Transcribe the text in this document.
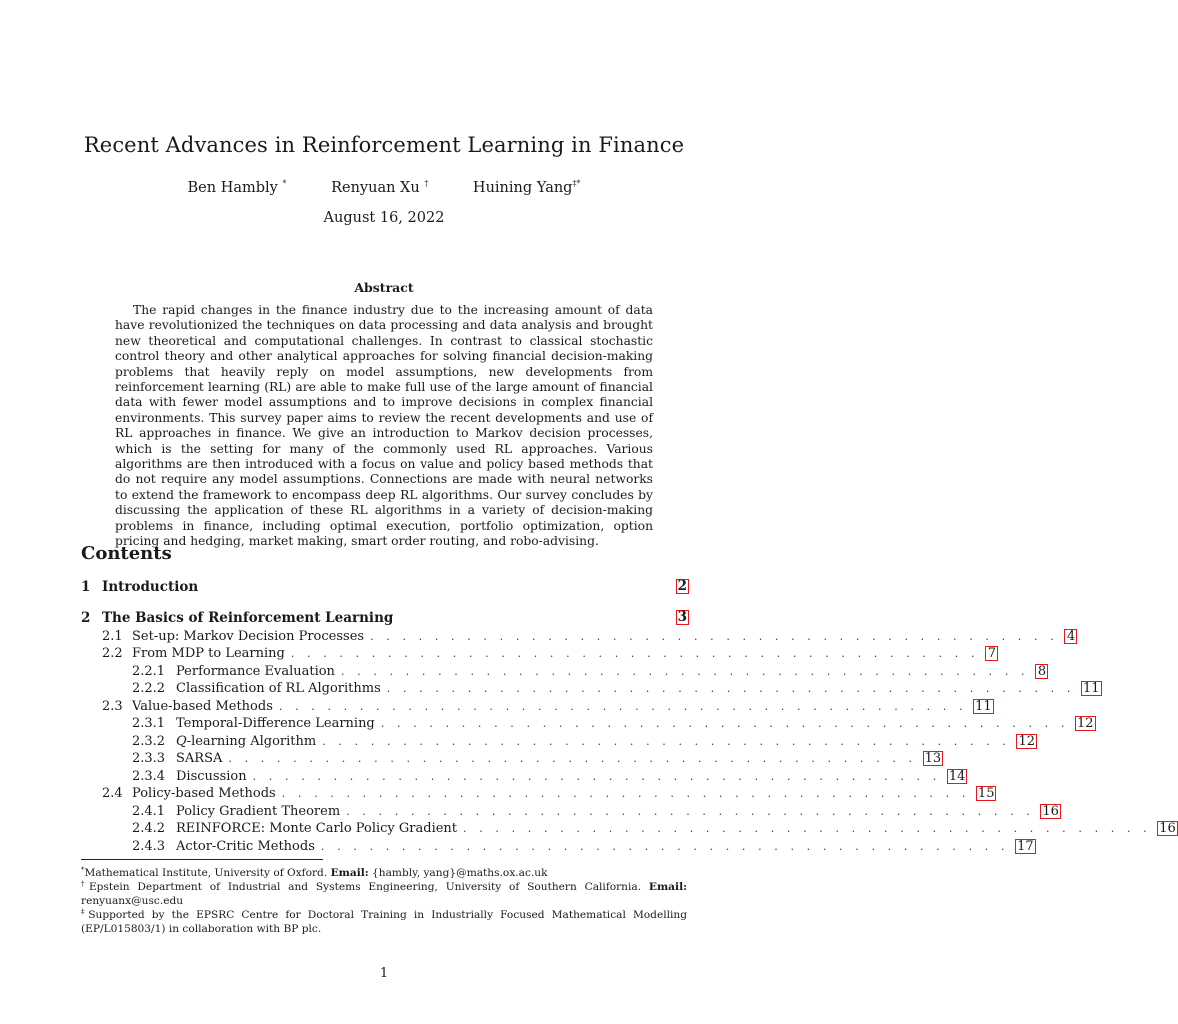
Recent Advances in Reinforcement Learning in Finance
Ben Hambly *	Renyuan Xu †	Huining Yang‡*
August 16, 2022
Abstract
The rapid changes in the finance industry due to the increasing amount of data have revolutionized the techniques on data processing and data analysis and brought new theoretical and computational challenges. In contrast to classical stochastic control theory and other analytical approaches for solving financial decision-making problems that heavily reply on model assumptions, new developments from reinforcement learning (RL) are able to make full use of the large amount of financial data with fewer model assumptions and to improve decisions in complex financial environments. This survey paper aims to review the recent developments and use of RL approaches in finance. We give an introduction to Markov decision processes, which is the setting for many of the commonly used RL approaches. Various algorithms are then introduced with a focus on value and policy based methods that do not require any model assumptions. Connections are made with neural networks to extend the framework to encompass deep RL algorithms. Our survey concludes by discussing the application of these RL algorithms in a variety of decision-making problems in finance, including optimal execution, portfolio optimization, option pricing and hedging, market making, smart order routing, and robo-advising.
Contents
1 Introduction	2
2 The Basics of Reinforcement Learning	3
2.1 Set-up: Markov Decision Processes . . . . . . . . . . . . . . . . . . . . . . . . . . . . . . . . . . . . . . . . . . . 4
2.2 From MDP to Learning . . . . . . . . . . . . . . . . . . . . . . . . . . . . . . . . . . . . . . . . . . . 7
2.2.1 Performance Evaluation . . . . . . . . . . . . . . . . . . . . . . . . . . . . . . . . . . . . . . . . . . . 8
2.2.2 Classification of RL Algorithms . . . . . . . . . . . . . . . . . . . . . . . . . . . . . . . . . . . . . . . . . . . 11
2.3 Value-based Methods . . . . . . . . . . . . . . . . . . . . . . . . . . . . . . . . . . . . . . . . . . . 11
2.3.1 Temporal-Difference Learning . . . . . . . . . . . . . . . . . . . . . . . . . . . . . . . . . . . . . . . . . . . 12
2.3.2 Q-learning Algorithm . . . . . . . . . . . . . . . . . . . . . . . . . . . . . . . . . . . . . . . . . . . 12
2.3.3 SARSA . . . . . . . . . . . . . . . . . . . . . . . . . . . . . . . . . . . . . . . . . . . 13
2.3.4 Discussion . . . . . . . . . . . . . . . . . . . . . . . . . . . . . . . . . . . . . . . . . . . 14
2.4 Policy-based Methods . . . . . . . . . . . . . . . . . . . . . . . . . . . . . . . . . . . . . . . . . . . 15
2.4.1 Policy Gradient Theorem . . . . . . . . . . . . . . . . . . . . . . . . . . . . . . . . . . . . . . . . . . . 16
2.4.2 REINFORCE: Monte Carlo Policy Gradient . . . . . . . . . . . . . . . . . . . . . . . . . . . . . . . . . . . . . . . . . . . 16
2.4.3 Actor-Critic Methods . . . . . . . . . . . . . . . . . . . . . . . . . . . . . . . . . . . . . . . . . . . 17
*Mathematical Institute, University of Oxford. Email: {hambly, yang}@maths.ox.ac.uk
†Epstein Department of Industrial and Systems Engineering, University of Southern California. Email: renyuanx@usc.edu
‡Supported by the EPSRC Centre for Doctoral Training in Industrially Focused Mathematical Modelling (EP/L015803/1) in collaboration with BP plc.
1
